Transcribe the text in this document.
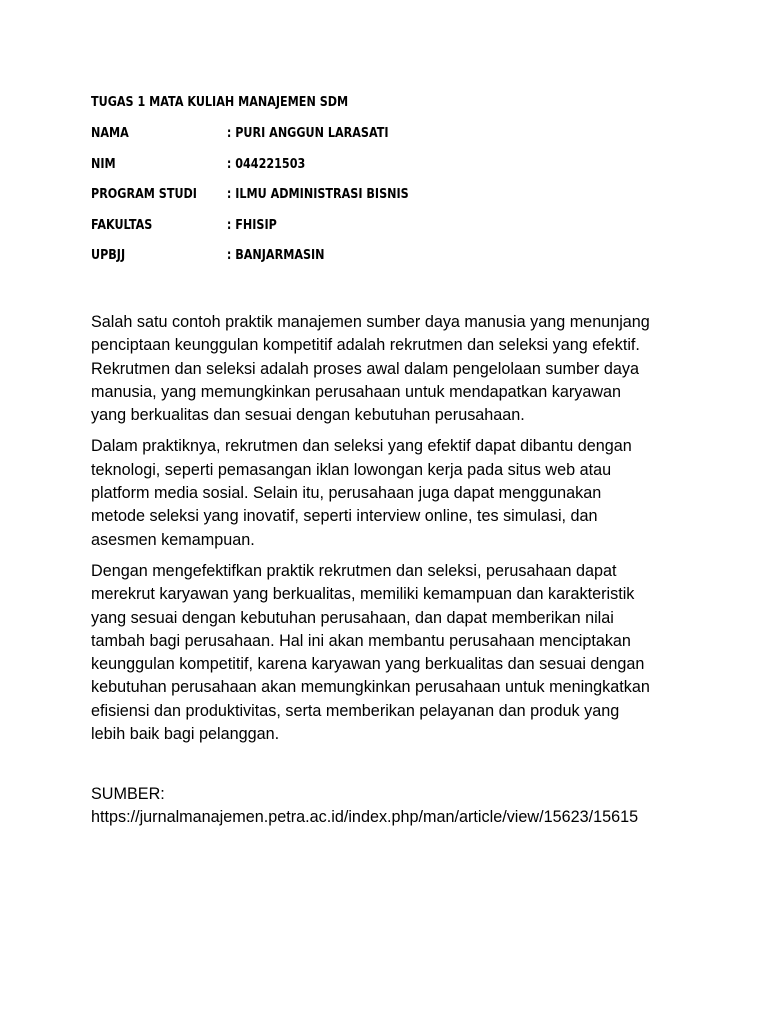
TUGAS 1 MATA KULIAH MANAJEMEN SDM
NAMA	: PURI ANGGUN LARASATI
NIM	: 044221503
PROGRAM STUDI : ILMU ADMINISTRASI BISNIS
FAKULTAS	: FHISIP
UPBJJ	: BANJARMASIN

Salah satu contoh praktik manajemen sumber daya manusia yang menunjang
penciptaan keunggulan kompetitif adalah rekrutmen dan seleksi yang efektif.
Rekrutmen dan seleksi adalah proses awal dalam pengelolaan sumber daya
manusia, yang memungkinkan perusahaan untuk mendapatkan karyawan
yang berkualitas dan sesuai dengan kebutuhan perusahaan.

Dalam praktiknya, rekrutmen dan seleksi yang efektif dapat dibantu dengan
teknologi, seperti pemasangan iklan lowongan kerja pada situs web atau
platform media sosial. Selain itu, perusahaan juga dapat menggunakan
metode seleksi yang inovatif, seperti interview online, tes simulasi, dan
asesmen kemampuan.

Dengan mengefektifkan praktik rekrutmen dan seleksi, perusahaan dapat
merekrut karyawan yang berkualitas, memiliki kemampuan dan karakteristik
yang sesuai dengan kebutuhan perusahaan, dan dapat memberikan nilai
tambah bagi perusahaan. Hal ini akan membantu perusahaan menciptakan
keunggulan kompetitif, karena karyawan yang berkualitas dan sesuai dengan
kebutuhan perusahaan akan memungkinkan perusahaan untuk meningkatkan
efisiensi dan produktivitas, serta memberikan pelayanan dan produk yang
lebih baik bagi pelanggan.

SUMBER:
https://jurnalmanajemen.petra.ac.id/index.php/man/article/view/15623/15615
